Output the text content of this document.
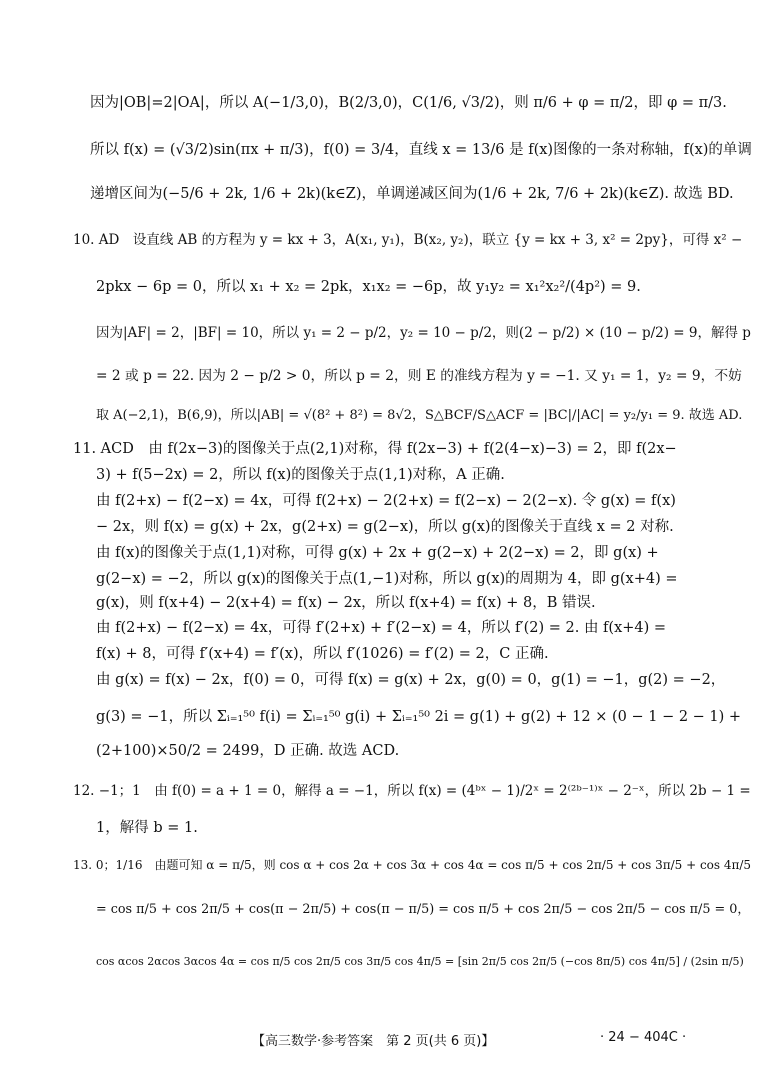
因为|OB|=2|OA|，所以 A(−1/3,0)，B(2/3,0)，C(1/6, √3/2)，则 π/6 + φ = π/2，即 φ = π/3.
所以 f(x) = (√3/2)sin(πx + π/3)，f(0) = 3/4，直线 x = 13/6 是 f(x)图像的一条对称轴，f(x)的单调
递增区间为(−5/6 + 2k, 1/6 + 2k)(k∈Z)，单调递减区间为(1/6 + 2k, 7/6 + 2k)(k∈Z). 故选 BD.
10. AD　设直线 AB 的方程为 y = kx + 3，A(x₁, y₁)，B(x₂, y₂)，联立 {y = kx + 3, x² = 2py}，可得 x² −
2pkx − 6p = 0，所以 x₁ + x₂ = 2pk，x₁x₂ = −6p，故 y₁y₂ = x₁²x₂²/(4p²) = 9.
因为|AF| = 2，|BF| = 10，所以 y₁ = 2 − p/2，y₂ = 10 − p/2，则(2 − p/2) × (10 − p/2) = 9，解得 p
= 2 或 p = 22. 因为 2 − p/2 > 0，所以 p = 2，则 E 的准线方程为 y = −1. 又 y₁ = 1，y₂ = 9，不妨
取 A(−2,1)，B(6,9)，所以|AB| = √(8² + 8²) = 8√2，S△BCF/S△ACF = |BC|/|AC| = y₂/y₁ = 9. 故选 AD.
11. ACD　由 f(2x−3)的图像关于点(2,1)对称，得 f(2x−3) + f(2(4−x)−3) = 2，即 f(2x−
3) + f(5−2x) = 2，所以 f(x)的图像关于点(1,1)对称，A 正确.
由 f(2+x) − f(2−x) = 4x，可得 f(2+x) − 2(2+x) = f(2−x) − 2(2−x). 令 g(x) = f(x)
− 2x，则 f(x) = g(x) + 2x，g(2+x) = g(2−x)，所以 g(x)的图像关于直线 x = 2 对称.
由 f(x)的图像关于点(1,1)对称，可得 g(x) + 2x + g(2−x) + 2(2−x) = 2，即 g(x) +
g(2−x) = −2，所以 g(x)的图像关于点(1,−1)对称，所以 g(x)的周期为 4，即 g(x+4) =
g(x)，则 f(x+4) − 2(x+4) = f(x) − 2x，所以 f(x+4) = f(x) + 8，B 错误.
由 f(2+x) − f(2−x) = 4x，可得 f′(2+x) + f′(2−x) = 4，所以 f′(2) = 2. 由 f(x+4) =
f(x) + 8，可得 f′(x+4) = f′(x)，所以 f′(1026) = f′(2) = 2，C 正确.
由 g(x) = f(x) − 2x，f(0) = 0，可得 f(x) = g(x) + 2x，g(0) = 0，g(1) = −1，g(2) = −2，
g(3) = −1，所以 Σᵢ₌₁⁵⁰ f(i) = Σᵢ₌₁⁵⁰ g(i) + Σᵢ₌₁⁵⁰ 2i = g(1) + g(2) + 12 × (0 − 1 − 2 − 1) +
(2+100)×50/2 = 2499，D 正确. 故选 ACD.
12. −1；1　由 f(0) = a + 1 = 0，解得 a = −1，所以 f(x) = (4ᵇˣ − 1)/2ˣ = 2⁽²ᵇ⁻¹⁾ˣ − 2⁻ˣ，所以 2b − 1 =
1，解得 b = 1.
13. 0；1/16　由题可知 α = π/5，则 cos α + cos 2α + cos 3α + cos 4α = cos π/5 + cos 2π/5 + cos 3π/5 + cos 4π/5
= cos π/5 + cos 2π/5 + cos(π − 2π/5) + cos(π − π/5) = cos π/5 + cos 2π/5 − cos 2π/5 − cos π/5 = 0，
cos αcos 2αcos 3αcos 4α = cos π/5 cos 2π/5 cos 3π/5 cos 4π/5 = [sin 2π/5 cos 2π/5 (−cos 8π/5) cos 4π/5] / (2sin π/5)
【高三数学·参考答案　第 2 页(共 6 页)】	· 24 − 404C ·
